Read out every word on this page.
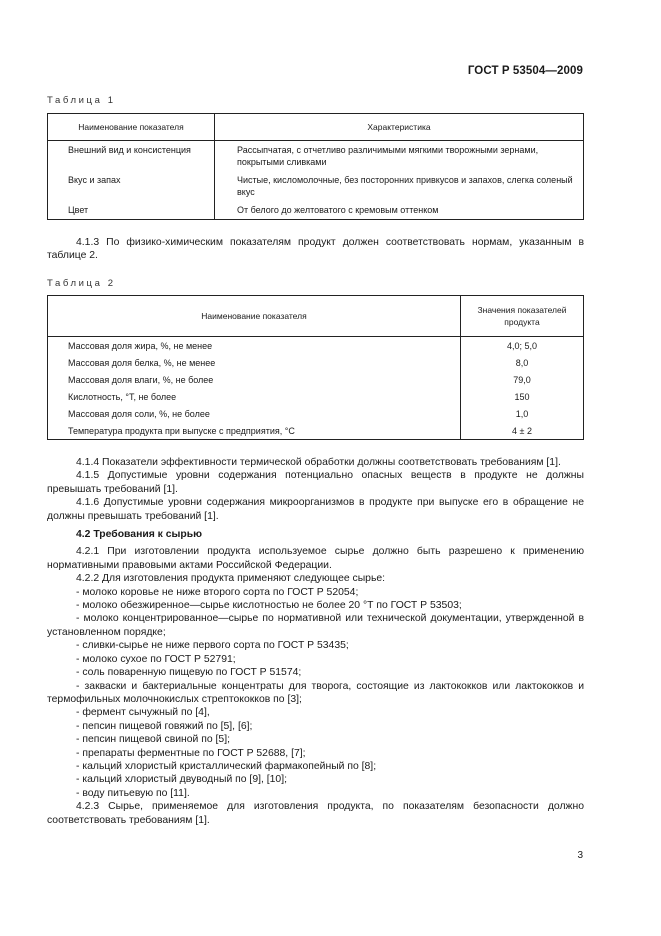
ГОСТ Р 53504—2009
Таблица 1
Наименование показателя	Характеристика
Внешний вид и консистенция	Рассыпчатая, с отчетливо различимыми мягкими творожными зернами, покрытыми сливками
Вкус и запах	Чистые, кисломолочные, без посторонних привкусов и запахов, слегка соленый вкус
Цвет	От белого до желтоватого с кремовым оттенком

4.1.3 По физико-химическим показателям продукт должен соответствовать нормам, указанным в таблице 2.

Таблица 2
Наименование показателя	Значения показателей продукта
Массовая доля жира, %, не менее	4,0; 5,0
Массовая доля белка, %, не менее	8,0
Массовая доля влаги, %, не более	79,0
Кислотность, °Т, не более	150
Массовая доля соли, %, не более	1,0
Температура продукта при выпуске с предприятия, °С	4 ± 2

4.1.4 Показатели эффективности термической обработки должны соответствовать требованиям [1].

4.1.5 Допустимые уровни содержания потенциально опасных веществ в продукте не должны превышать требований [1].

4.1.6 Допустимые уровни содержания микроорганизмов в продукте при выпуске его в обращение не должны превышать требований [1].

4.2 Требования к сырью

4.2.1 При изготовлении продукта используемое сырье должно быть разрешено к применению нормативными правовыми актами Российской Федерации.

4.2.2 Для изготовления продукта применяют следующее сырье:

- молоко коровье не ниже второго сорта по ГОСТ Р 52054;

- молоко обезжиренное—сырье кислотностью не более 20 °Т по ГОСТ Р 53503;

- молоко концентрированное—сырье по нормативной или технической документации, утвержденной в установленном порядке;

- сливки-сырье не ниже первого сорта по ГОСТ Р 53435;

- молоко сухое по ГОСТ Р 52791;

- соль поваренную пищевую по ГОСТ Р 51574;

- закваски и бактериальные концентраты для творога, состоящие из лактококков или лактококков и термофильных молочнокислых стрептококков по [3];

- фермент сычужный по [4],

- пепсин пищевой говяжий по [5], [6];

- пепсин пищевой свиной по [5];

- препараты ферментные по ГОСТ Р 52688, [7];

- кальций хлористый кристаллический фармакопейный по [8];

- кальций хлористый двуводный по [9], [10];

- воду питьевую по [11].

4.2.3 Сырье, применяемое для изготовления продукта, по показателям безопасности должно соответствовать требованиям [1].

3
